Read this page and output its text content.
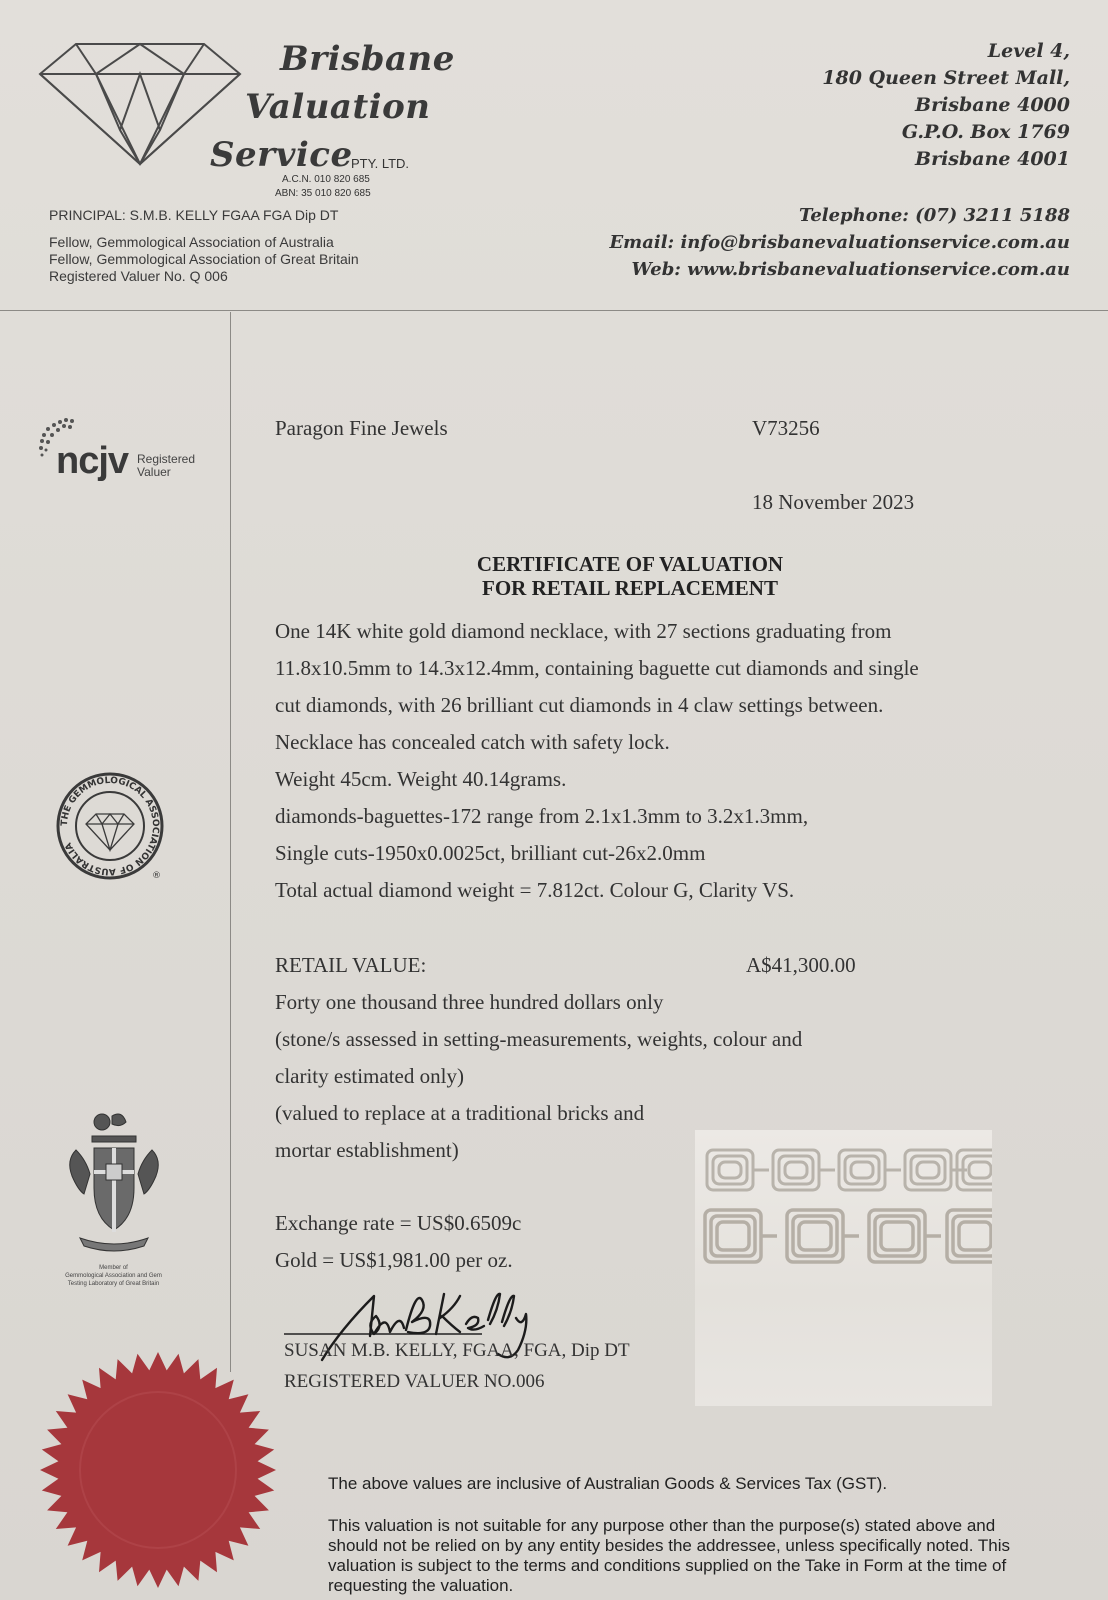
Brisbane
Valuation
Service
PTY. LTD.
A.C.N. 010 820 685
ABN: 35 010 820 685
PRINCIPAL: S.M.B. KELLY FGAA FGA Dip DT
Fellow, Gemmological Association of Australia
Fellow, Gemmological Association of Great Britain
Registered Valuer No. Q 006
Level 4,
180 Queen Street Mall,
Brisbane 4000
G.P.O. Box 1769
Brisbane 4001
Telephone: (07) 3211 5188
Email: info@brisbanevaluationservice.com.au
Web: www.brisbanevaluationservice.com.au
ncjv Registered
Valuer
THE GEMMOLOGICAL ASSOCIATION OF AUSTRALIA
®
Member of
Gemmological Association and Gem
Testing Laboratory of Great Britain
Paragon Fine Jewels	V73256
18 November 2023
CERTIFICATE OF VALUATION
FOR RETAIL REPLACEMENT
One 14K white gold diamond necklace, with 27 sections graduating from
11.8x10.5mm to 14.3x12.4mm, containing baguette cut diamonds and single
cut diamonds, with 26 brilliant cut diamonds in 4 claw settings between.
Necklace has concealed catch with safety lock.
Weight 45cm. Weight 40.14grams.
diamonds-baguettes-172 range from 2.1x1.3mm to 3.2x1.3mm,
Single cuts-1950x0.0025ct, brilliant cut-26x2.0mm
Total actual diamond weight = 7.812ct. Colour G, Clarity VS.
RETAIL VALUE:	A$41,300.00
Forty one thousand three hundred dollars only
(stone/s assessed in setting-measurements, weights, colour and
clarity estimated only)
(valued to replace at a traditional bricks and
mortar establishment)
Exchange rate = US$0.6509c
Gold = US$1,981.00 per oz.
SUSAN M.B. KELLY, FGAA, FGA, Dip DT
REGISTERED VALUER NO.006
The above values are inclusive of Australian Goods & Services Tax (GST).
This valuation is not suitable for any purpose other than the purpose(s) stated above and should not be relied on by any entity besides the addressee, unless specifically noted. This valuation is subject to the terms and conditions supplied on the Take in Form at the time of requesting the valuation.
